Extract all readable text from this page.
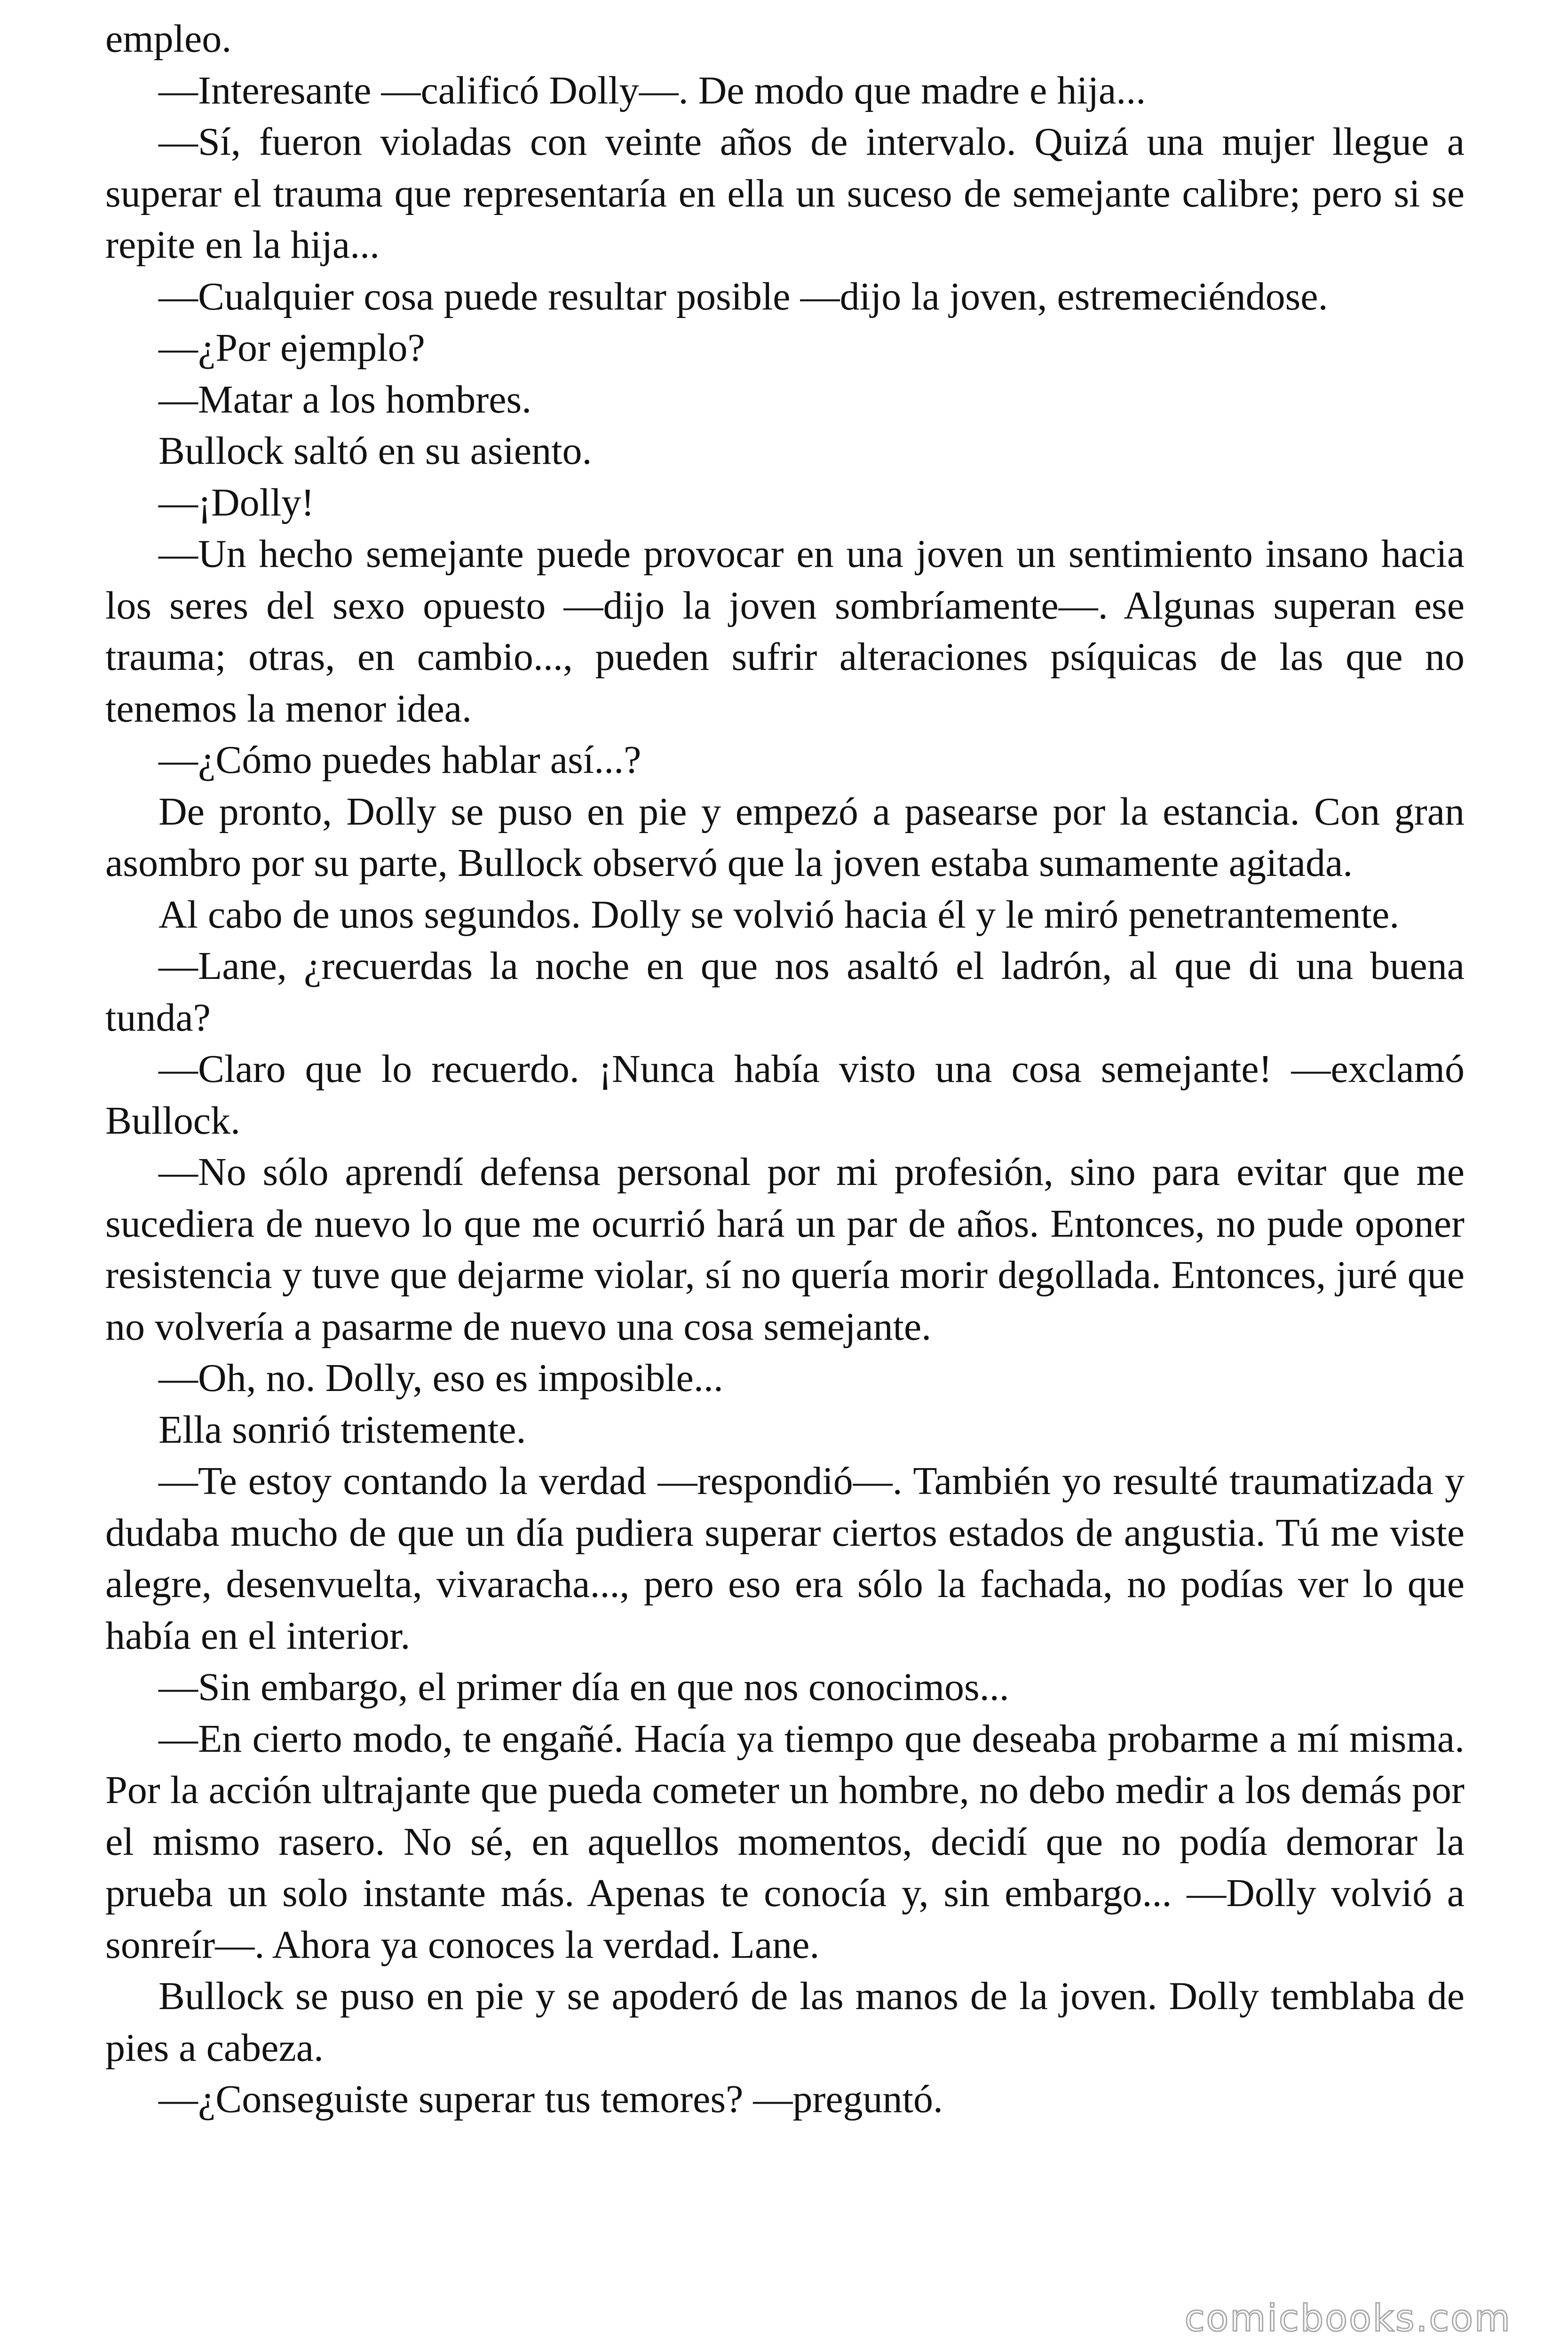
empleo.

—Interesante —calificó Dolly—. De modo que madre e hija...

—Sí, fueron violadas con veinte años de intervalo. Quizá una mujer llegue a superar el trauma que representaría en ella un suceso de semejante calibre; pero si se repite en la hija...

—Cualquier cosa puede resultar posible —dijo la joven, estremeciéndose.

—¿Por ejemplo?

—Matar a los hombres.

Bullock saltó en su asiento.

—¡Dolly!

—Un hecho semejante puede provocar en una joven un sentimiento insano hacia los seres del sexo opuesto —dijo la joven sombríamente—. Algunas superan ese trauma; otras, en cambio..., pueden sufrir alteraciones psíquicas de las que no tenemos la menor idea.

—¿Cómo puedes hablar así...?

De pronto, Dolly se puso en pie y empezó a pasearse por la estancia. Con gran asombro por su parte, Bullock observó que la joven estaba sumamente agitada.

Al cabo de unos segundos. Dolly se volvió hacia él y le miró penetrantemente.

—Lane, ¿recuerdas la noche en que nos asaltó el ladrón, al que di una buena tunda?

—Claro que lo recuerdo. ¡Nunca había visto una cosa semejante! —exclamó Bullock.

—No sólo aprendí defensa personal por mi profesión, sino para evitar que me sucediera de nuevo lo que me ocurrió hará un par de años. Entonces, no pude oponer resistencia y tuve que dejarme violar, sí no quería morir degollada. Entonces, juré que no volvería a pasarme de nuevo una cosa semejante.

—Oh, no. Dolly, eso es imposible...

Ella sonrió tristemente.

—Te estoy contando la verdad —respondió—. También yo resulté traumatizada y dudaba mucho de que un día pudiera superar ciertos estados de angustia. Tú me viste alegre, desenvuelta, vivaracha..., pero eso era sólo la fachada, no podías ver lo que había en el interior.

—Sin embargo, el primer día en que nos conocimos...

—En cierto modo, te engañé. Hacía ya tiempo que deseaba probarme a mí misma. Por la acción ultrajante que pueda cometer un hombre, no debo medir a los demás por el mismo rasero. No sé, en aquellos momentos, decidí que no podía demorar la prueba un solo instante más. Apenas te conocía y, sin embargo... —Dolly volvió a sonreír—. Ahora ya conoces la verdad. Lane.

Bullock se puso en pie y se apoderó de las manos de la joven. Dolly temblaba de pies a cabeza.

—¿Conseguiste superar tus temores? —preguntó.

comicbooks.com
